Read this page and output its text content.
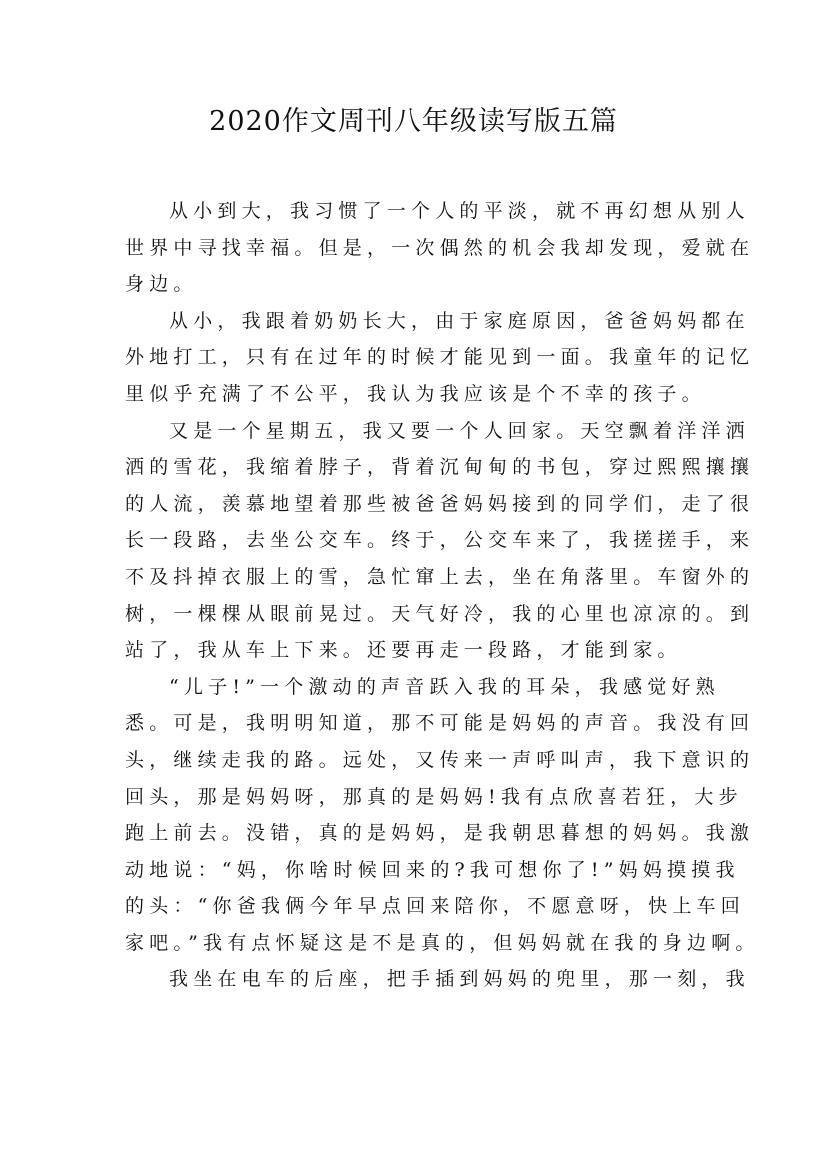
2020作文周刊八年级读写版五篇
从小到大，我习惯了一个人的平淡，就不再幻想从别人
世界中寻找幸福。但是，一次偶然的机会我却发现，爱就在
身边。
从小，我跟着奶奶长大，由于家庭原因，爸爸妈妈都在
外地打工，只有在过年的时候才能见到一面。我童年的记忆
里似乎充满了不公平，我认为我应该是个不幸的孩子。
又是一个星期五，我又要一个人回家。天空飘着洋洋洒
洒的雪花，我缩着脖子，背着沉甸甸的书包，穿过熙熙攘攘
的人流，羡慕地望着那些被爸爸妈妈接到的同学们，走了很
长一段路，去坐公交车。终于，公交车来了，我搓搓手，来
不及抖掉衣服上的雪，急忙窜上去，坐在角落里。车窗外的
树，一棵棵从眼前晃过。天气好冷，我的心里也凉凉的。到
站了，我从车上下来。还要再走一段路，才能到家。
“儿子!”一个激动的声音跃入我的耳朵，我感觉好熟
悉。可是，我明明知道，那不可能是妈妈的声音。我没有回
头，继续走我的路。远处，又传来一声呼叫声，我下意识的
回头，那是妈妈呀，那真的是妈妈!我有点欣喜若狂，大步
跑上前去。没错，真的是妈妈，是我朝思暮想的妈妈。我激
动地说：“妈，你啥时候回来的?我可想你了!”妈妈摸摸我
的头：“你爸我俩今年早点回来陪你，不愿意呀，快上车回
家吧。”我有点怀疑这是不是真的，但妈妈就在我的身边啊。
我坐在电车的后座，把手插到妈妈的兜里，那一刻，我
